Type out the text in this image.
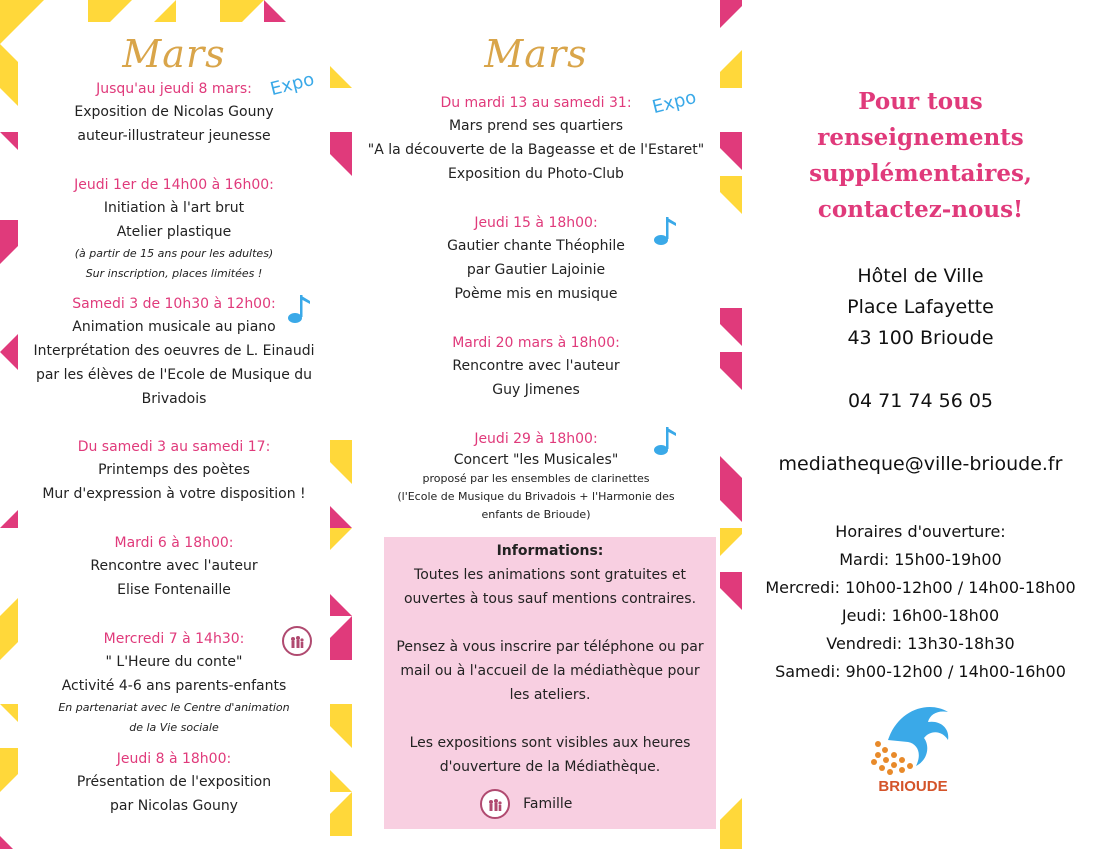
Mars
Expo
Jusqu'au jeudi 8 mars:
Exposition de Nicolas Gouny
auteur-illustrateur jeunesse
Jeudi 1er de 14h00 à 16h00:
Initiation à l'art brut
Atelier plastique
(à partir de 15 ans pour les adultes)
Sur inscription, places limitées !
Samedi 3 de 10h30 à 12h00:
Animation musicale au piano
Interprétation des oeuvres de L. Einaudi
par les élèves de l'Ecole de Musique du
Brivadois
Du samedi 3 au samedi 17:
Printemps des poètes
Mur d'expression à votre disposition !
Mardi 6 à 18h00:
Rencontre avec l'auteur
Elise Fontenaille
Mercredi 7 à 14h30:
" L'Heure du conte"
Activité 4-6 ans parents-enfants
En partenariat avec le Centre d'animation
de la Vie sociale
Jeudi 8 à 18h00:
Présentation de l'exposition
par Nicolas Gouny
Mars
Expo
Du mardi 13 au samedi 31:
Mars prend ses quartiers
"A la découverte de la Bageasse et de l'Estaret"
Exposition du Photo-Club
Jeudi 15 à 18h00:
Gautier chante Théophile
par Gautier Lajoinie
Poème mis en musique
Mardi 20 mars à 18h00:
Rencontre avec l'auteur
Guy Jimenes
Jeudi 29 à 18h00:
Concert "les Musicales"
proposé par les ensembles de clarinettes
(l'Ecole de Musique du Brivadois + l'Harmonie des
enfants de Brioude)
Informations:
Toutes les animations sont gratuites et
ouvertes à tous sauf mentions contraires.
Pensez à vous inscrire par téléphone ou par
mail ou à l'accueil de la médiathèque pour
les ateliers.
Les expositions sont visibles aux heures
d'ouverture de la Médiathèque.
Famille
Pour tous
renseignements
supplémentaires,
contactez-nous!
Hôtel de Ville
Place Lafayette
43 100 Brioude
04 71 74 56 05
mediatheque@ville-brioude.fr
Horaires d'ouverture:
Mardi: 15h00-19h00
Mercredi: 10h00-12h00 / 14h00-18h00
Jeudi: 16h00-18h00
Vendredi: 13h30-18h30
Samedi: 9h00-12h00 / 14h00-16h00
BRIOUDE
